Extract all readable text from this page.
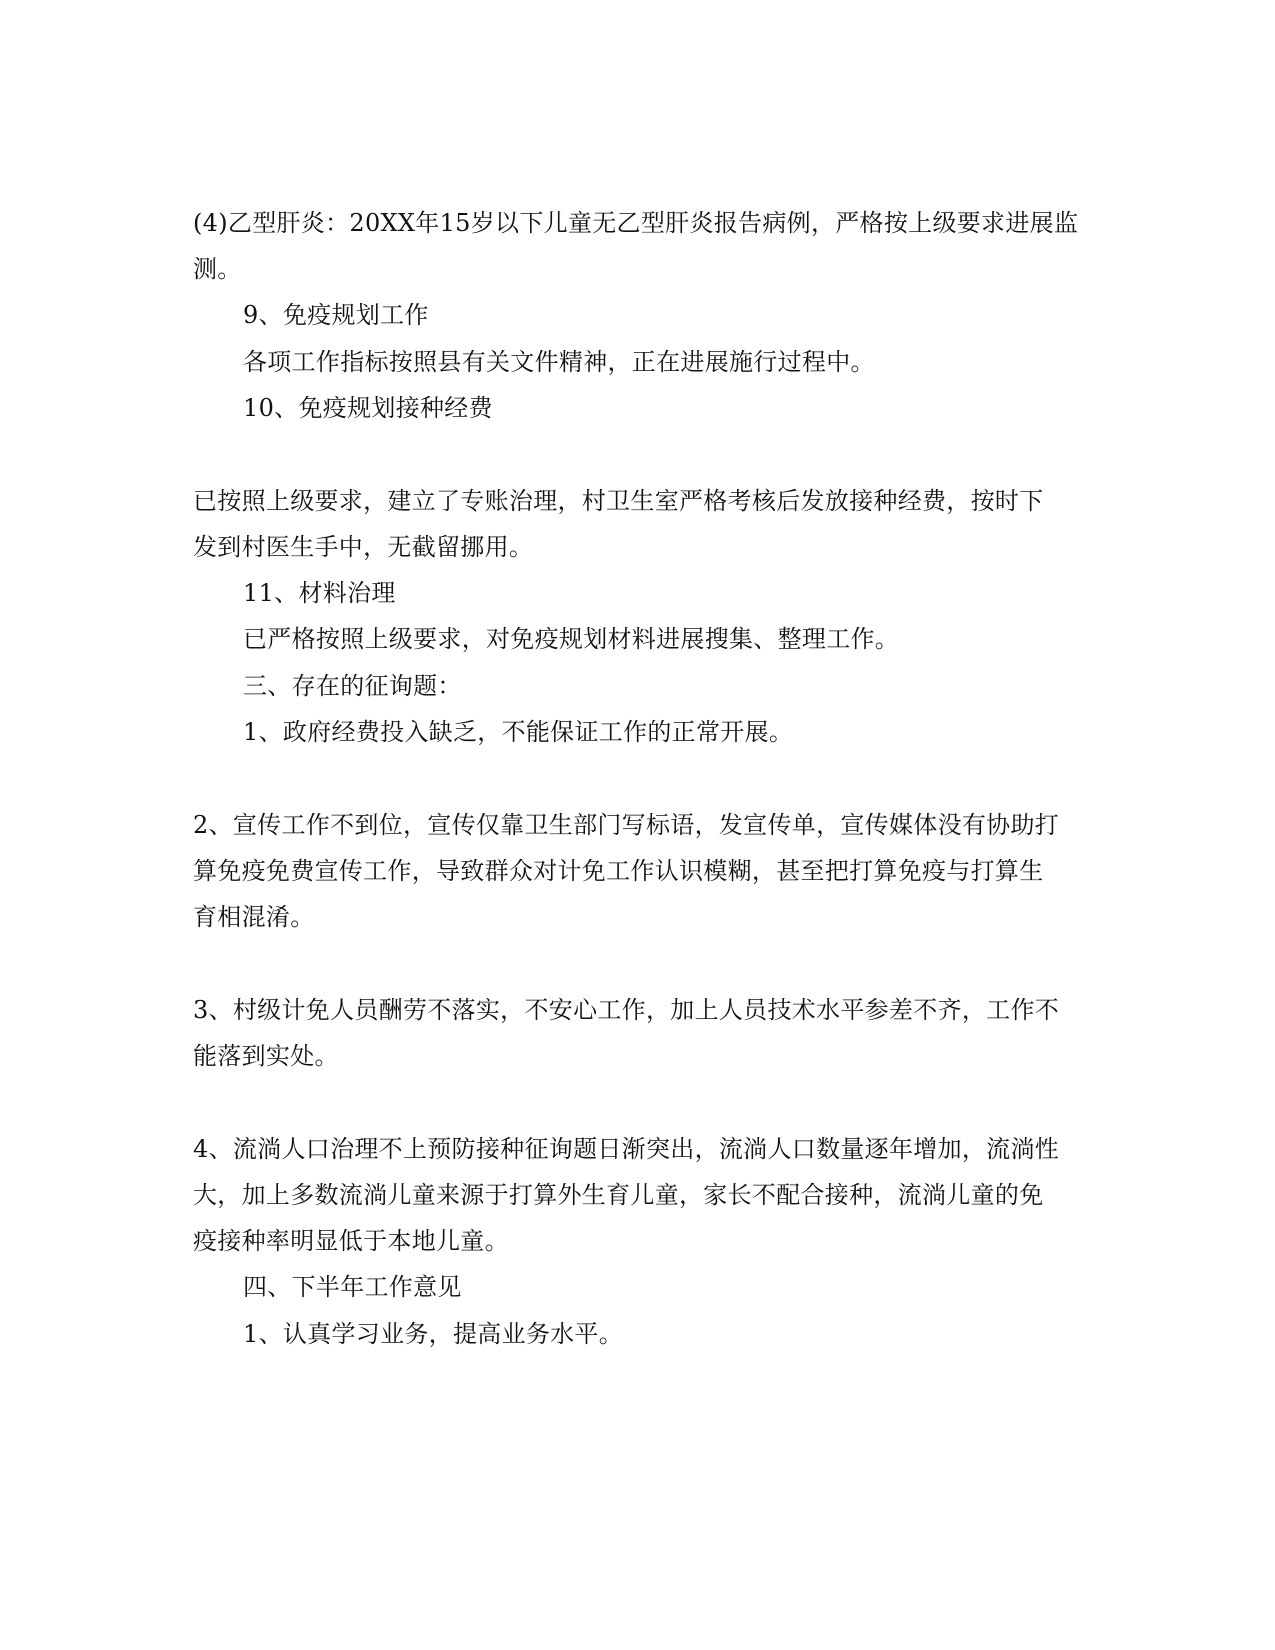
(4)乙型肝炎：20XX年15岁以下儿童无乙型肝炎报告病例，严格按上级要求进展监
测。
9、免疫规划工作
各项工作指标按照县有关文件精神，正在进展施行过程中。
10、免疫规划接种经费
已按照上级要求，建立了专账治理，村卫生室严格考核后发放接种经费，按时下
发到村医生手中，无截留挪用。
11、材料治理
已严格按照上级要求，对免疫规划材料进展搜集、整理工作。
三、存在的征询题：
1、政府经费投入缺乏，不能保证工作的正常开展。
2、宣传工作不到位，宣传仅靠卫生部门写标语，发宣传单，宣传媒体没有协助打
算免疫免费宣传工作，导致群众对计免工作认识模糊，甚至把打算免疫与打算生
育相混淆。
3、村级计免人员酬劳不落实，不安心工作，加上人员技术水平参差不齐，工作不
能落到实处。
4、流淌人口治理不上预防接种征询题日渐突出，流淌人口数量逐年增加，流淌性
大，加上多数流淌儿童来源于打算外生育儿童，家长不配合接种，流淌儿童的免
疫接种率明显低于本地儿童。
四、下半年工作意见
1、认真学习业务，提高业务水平。
